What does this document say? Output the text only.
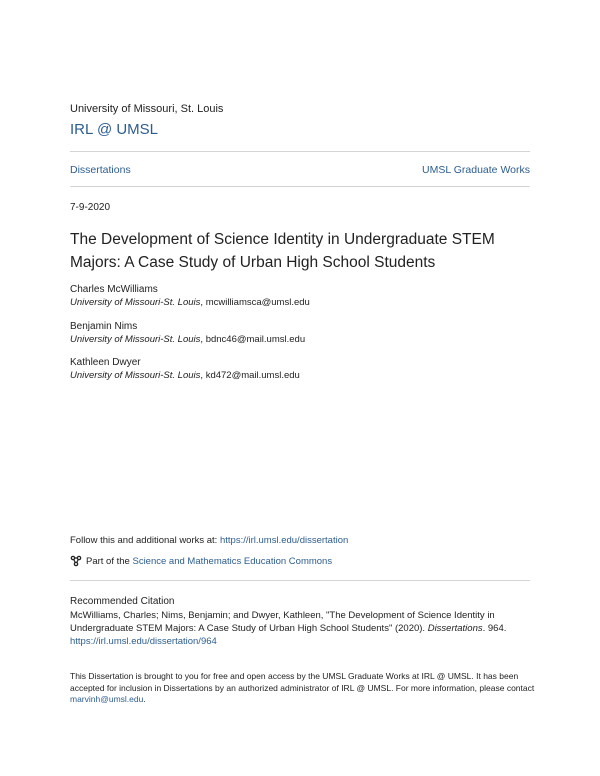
University of Missouri, St. Louis
IRL @ UMSL
Dissertations	UMSL Graduate Works
7-9-2020
The Development of Science Identity in Undergraduate STEM Majors: A Case Study of Urban High School Students
Charles McWilliams
University of Missouri-St. Louis, mcwilliamsca@umsl.edu
Benjamin Nims
University of Missouri-St. Louis, bdnc46@mail.umsl.edu
Kathleen Dwyer
University of Missouri-St. Louis, kd472@mail.umsl.edu
Follow this and additional works at: https://irl.umsl.edu/dissertation
Part of the
Science and Mathematics Education Commons
Recommended Citation
McWilliams, Charles; Nims, Benjamin; and Dwyer, Kathleen, "The Development of Science Identity in Undergraduate STEM Majors: A Case Study of Urban High School Students" (2020). Dissertations. 964.
https://irl.umsl.edu/dissertation/964
This Dissertation is brought to you for free and open access by the UMSL Graduate Works at IRL @ UMSL. It has been accepted for inclusion in Dissertations by an authorized administrator of IRL @ UMSL. For more information, please contact marvinh@umsl.edu.
